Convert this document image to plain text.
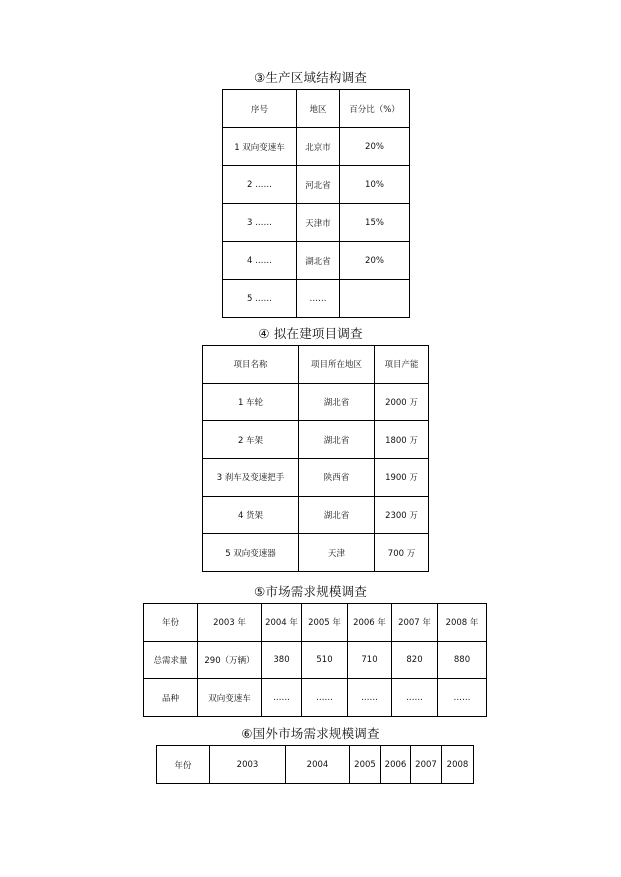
③生产区域结构调查
序号	地区	百分比（%）
1 双向变速车	北京市	20%
2 ……	河北省	10%
3 ……	天津市	15%
4 ……	湖北省	20%
5 ……	……	
④ 拟在建项目调查
项目名称	项目所在地区	项目产能
1 车轮	湖北省	2000 万
2 车架	湖北省	1800 万
3 刹车及变速把手	陕西省	1900 万
4 货架	湖北省	2300 万
5 双向变速器	天津	700 万
⑤市场需求规模调查
年份	2003 年	2004 年	2005 年	2006 年	2007 年	2008 年
总需求量	290（万辆）	380	510	710	820	880
品种	双向变速车	……	……	……	……	……
⑥国外市场需求规模调查
年份	2003	2004	2005	2006	2007	2008
